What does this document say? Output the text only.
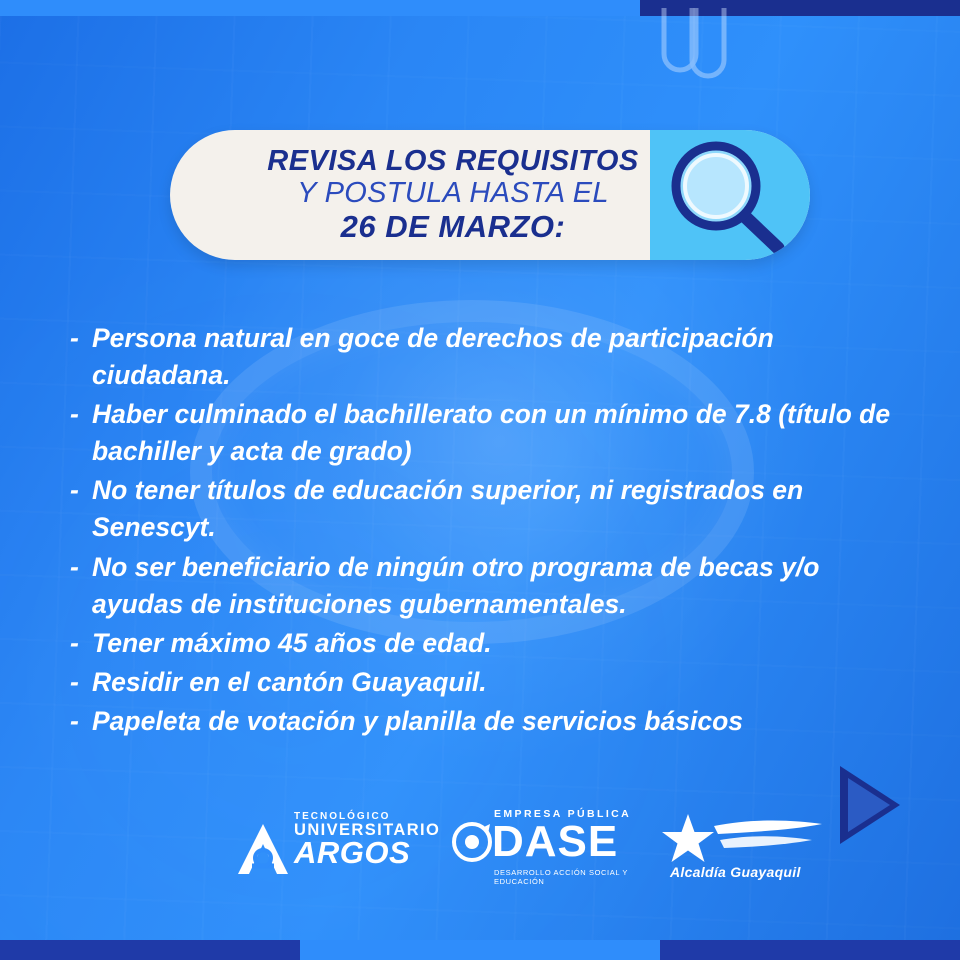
REVISA LOS REQUISITOS
Y POSTULA HASTA EL
26 DE MARZO:
- Persona natural en goce de derechos de participación ciudadana.
- Haber culminado el bachillerato con un mínimo de 7.8 (título de bachiller y acta de grado)
- No tener títulos de educación superior, ni registrados en Senescyt.
- No ser beneficiario de ningún otro programa de becas y/o ayudas de instituciones gubernamentales.
- Tener máximo 45 años de edad.
- Residir en el cantón Guayaquil.
- Papeleta de votación y planilla de servicios básicos
TECNOLÓGICO
UNIVERSITARIO
ARGOS
EMPRESA PÚBLICA
DASE
DESARROLLO ACCIÓN SOCIAL Y EDUCACIÓN
Alcaldía Guayaquil
